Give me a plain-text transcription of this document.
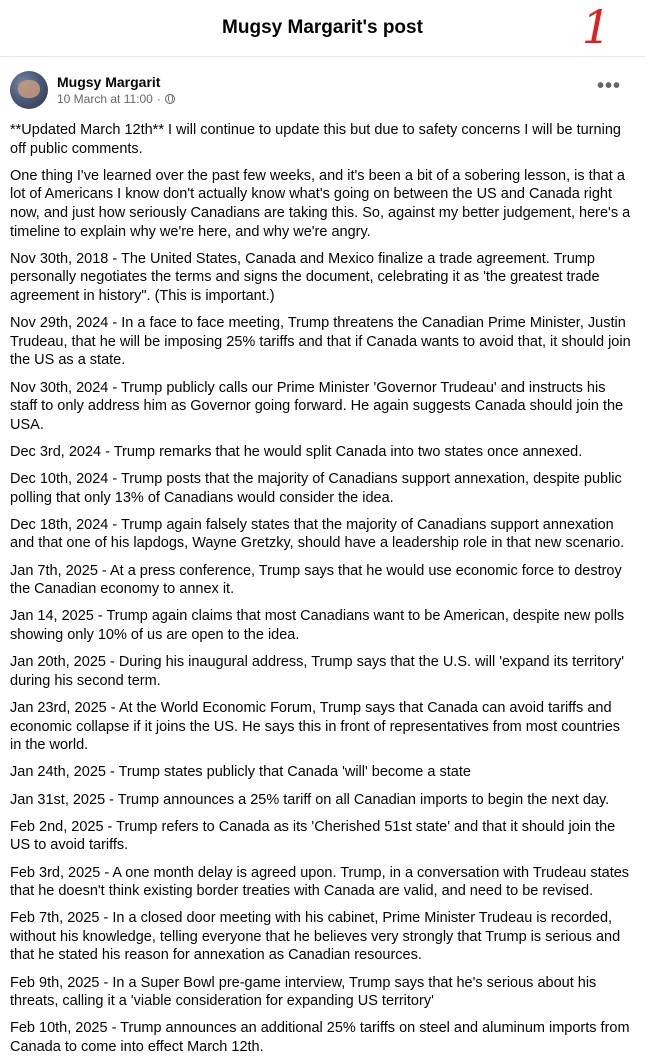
Mugsy Margarit's post	1
Mugsy Margarit
10 March at 11:00 ·
•••

**Updated March 12th** I will continue to update this but due to safety concerns I will be turning off public comments.

One thing I've learned over the past few weeks, and it's been a bit of a sobering lesson, is that a lot of Americans I know don't actually know what's going on between the US and Canada right now, and just how seriously Canadians are taking this. So, against my better judgement, here's a timeline to explain why we're here, and why we're angry.

Nov 30th, 2018 - The United States, Canada and Mexico finalize a trade agreement. Trump personally negotiates the terms and signs the document, celebrating it as 'the greatest trade agreement in history". (This is important.)

Nov 29th, 2024 - In a face to face meeting, Trump threatens the Canadian Prime Minister, Justin Trudeau, that he will be imposing 25% tariffs and that if Canada wants to avoid that, it should join the US as a state.

Nov 30th, 2024 - Trump publicly calls our Prime Minister 'Governor Trudeau' and instructs his staff to only address him as Governor going forward. He again suggests Canada should join the USA.

Dec 3rd, 2024 - Trump remarks that he would split Canada into two states once annexed.

Dec 10th, 2024 - Trump posts that the majority of Canadians support annexation, despite public polling that only 13% of Canadians would consider the idea.

Dec 18th, 2024 - Trump again falsely states that the majority of Canadians support annexation and that one of his lapdogs, Wayne Gretzky, should have a leadership role in that new scenario.

Jan 7th, 2025 - At a press conference, Trump says that he would use economic force to destroy the Canadian economy to annex it.

Jan 14, 2025 - Trump again claims that most Canadians want to be American, despite new polls showing only 10% of us are open to the idea.

Jan 20th, 2025 - During his inaugural address, Trump says that the U.S. will 'expand its territory' during his second term.

Jan 23rd, 2025 - At the World Economic Forum, Trump says that Canada can avoid tariffs and economic collapse if it joins the US. He says this in front of representatives from most countries in the world.

Jan 24th, 2025 - Trump states publicly that Canada 'will' become a state

Jan 31st, 2025 - Trump announces a 25% tariff on all Canadian imports to begin the next day.

Feb 2nd, 2025 - Trump refers to Canada as its 'Cherished 51st state' and that it should join the US to avoid tariffs.

Feb 3rd, 2025 - A one month delay is agreed upon. Trump, in a conversation with Trudeau states that he doesn't think existing border treaties with Canada are valid, and need to be revised.

Feb 7th, 2025 - In a closed door meeting with his cabinet, Prime Minister Trudeau is recorded, without his knowledge, telling everyone that he believes very strongly that Trump is serious and that he stated his reason for annexation as Canadian resources.

Feb 9th, 2025 - In a Super Bowl pre-game interview, Trump says that he's serious about his threats, calling it a 'viable consideration for expanding US territory'

Feb 10th, 2025 - Trump announces an additional 25% tariffs on steel and aluminum imports from Canada to come into effect March 12th.
